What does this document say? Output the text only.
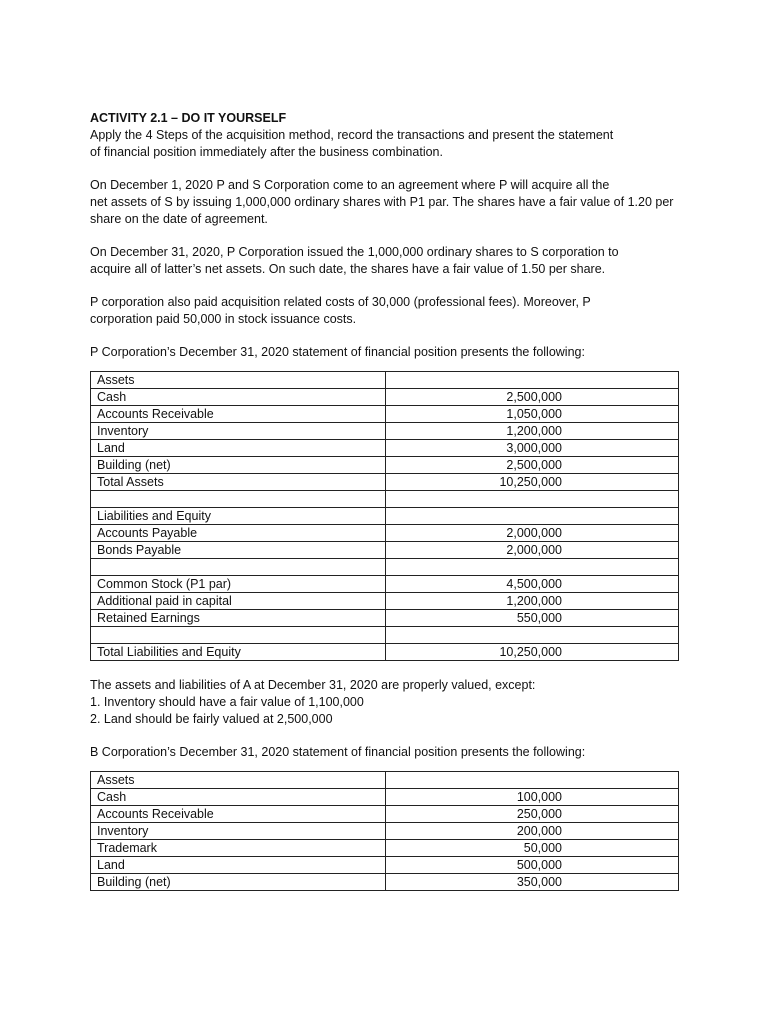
ACTIVITY 2.1 – DO IT YOURSELF

Apply the 4 Steps of the acquisition method, record the transactions and present the statement
of financial position immediately after the business combination.

On December 1, 2020 P and S Corporation come to an agreement where P will acquire all the
net assets of S by issuing 1,000,000 ordinary shares with P1 par. The shares have a fair value of 1.20 per
share on the date of agreement.

On December 31, 2020, P Corporation issued the 1,000,000 ordinary shares to S corporation to
acquire all of latter’s net assets. On such date, the shares have a fair value of 1.50 per share.

P corporation also paid acquisition related costs of 30,000 (professional fees). Moreover, P
corporation paid 50,000 in stock issuance costs.

P Corporation’s December 31, 2020 statement of financial position presents the following:

Assets	
Cash	2,500,000
Accounts Receivable	1,050,000
Inventory	1,200,000
Land	3,000,000
Building (net)	2,500,000
Total Assets	10,250,000

Liabilities and Equity	
Accounts Payable	2,000,000
Bonds Payable	2,000,000

Common Stock (P1 par)	4,500,000
Additional paid in capital	1,200,000
Retained Earnings	550,000

Total Liabilities and Equity	10,250,000

The assets and liabilities of A at December 31, 2020 are properly valued, except:

1. Inventory should have a fair value of 1,100,000
2. Land should be fairly valued at 2,500,000

B Corporation’s December 31, 2020 statement of financial position presents the following:

Assets	
Cash	100,000
Accounts Receivable	250,000
Inventory	200,000
Trademark	50,000
Land	500,000
Building (net)	350,000
